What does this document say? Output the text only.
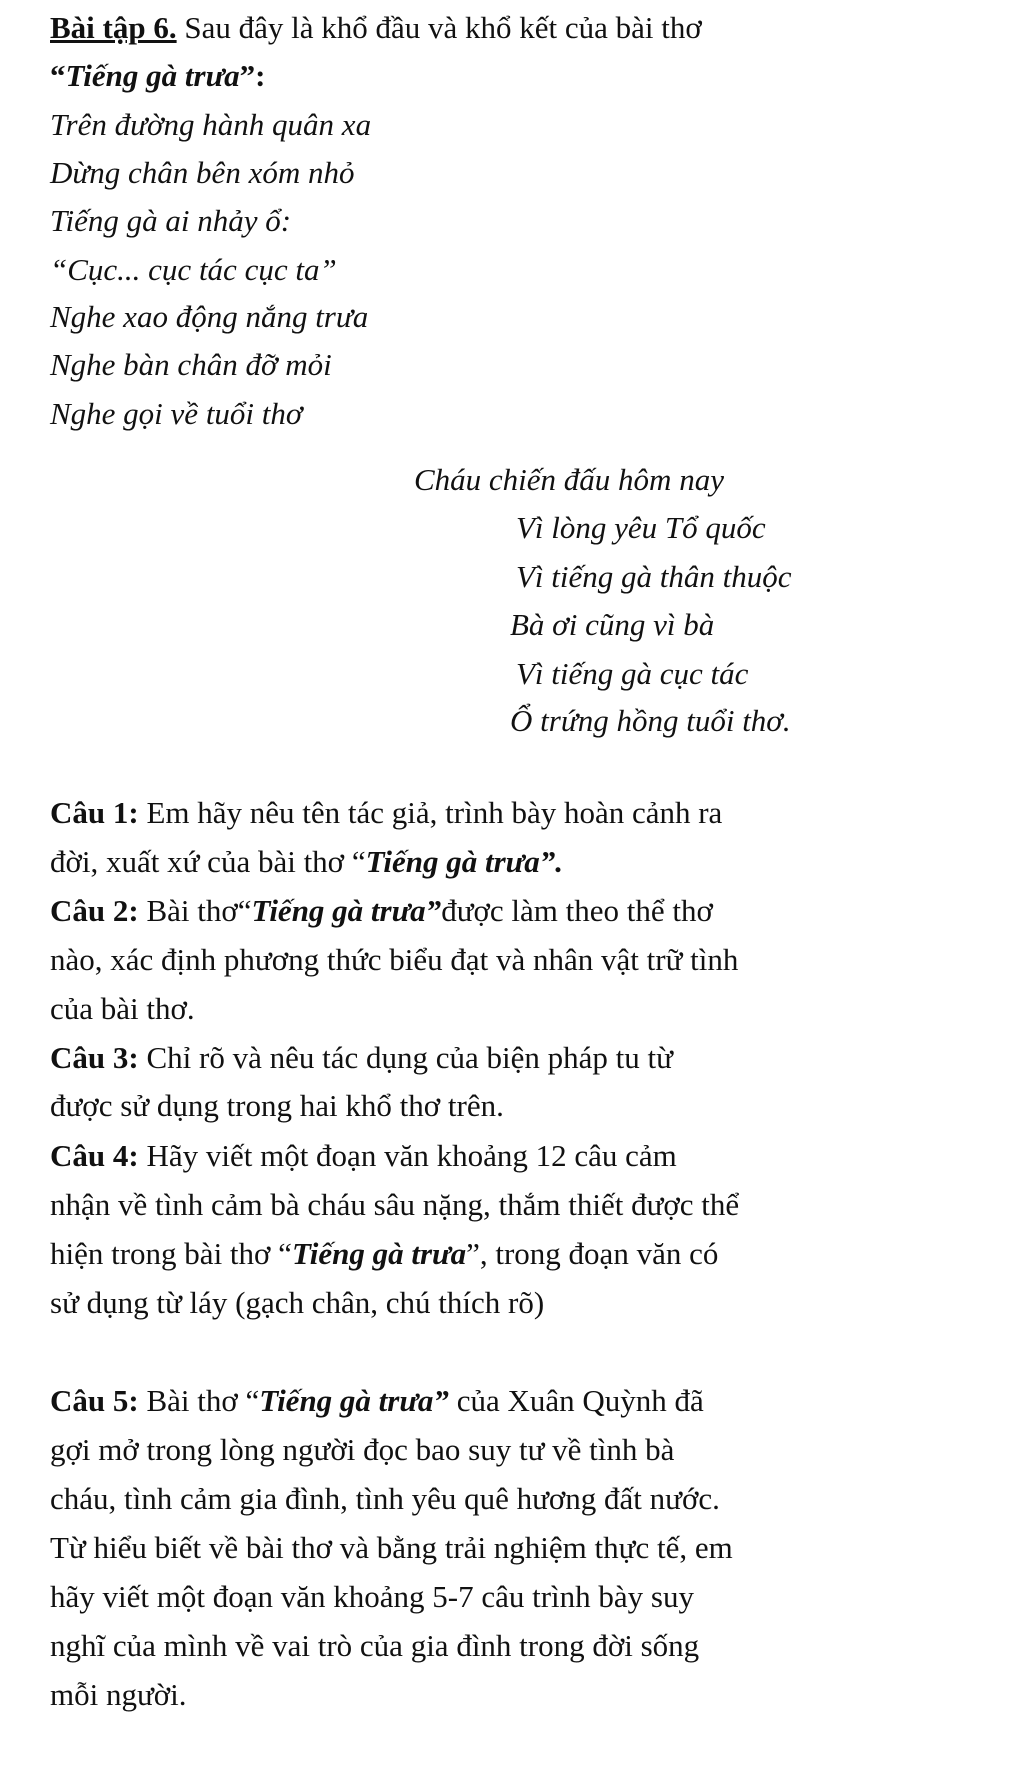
Bài tập 6. Sau đây là khổ đầu và khổ kết của bài thơ
“Tiếng gà trưa”:
Trên đường hành quân xa
Dừng chân bên xóm nhỏ
Tiếng gà ai nhảy ổ:
“Cục... cục tác cục ta”
Nghe xao động nắng trưa
Nghe bàn chân đỡ mỏi
Nghe gọi về tuổi thơ
Cháu chiến đấu hôm nay
Vì lòng yêu Tổ quốc
Vì tiếng gà thân thuộc
Bà ơi cũng vì bà
Vì tiếng gà cục tác
Ổ trứng hồng tuổi thơ.
Câu 1: Em hãy nêu tên tác giả, trình bày hoàn cảnh ra
đời, xuất xứ của bài thơ “Tiếng gà trưa”.
Câu 2: Bài thơ“Tiếng gà trưa”được làm theo thể thơ
nào, xác định phương thức biểu đạt và nhân vật trữ tình
của bài thơ.
Câu 3: Chỉ rõ và nêu tác dụng của biện pháp tu từ
được sử dụng trong hai khổ thơ trên.
Câu 4: Hãy viết một đoạn văn khoảng 12 câu cảm
nhận về tình cảm bà cháu sâu nặng, thắm thiết được thể
hiện trong bài thơ “Tiếng gà trưa”, trong đoạn văn có
sử dụng từ láy (gạch chân, chú thích rõ)
Câu 5: Bài thơ “Tiếng gà trưa” của Xuân Quỳnh đã
gợi mở trong lòng người đọc bao suy tư về tình bà
cháu, tình cảm gia đình, tình yêu quê hương đất nước.
Từ hiểu biết về bài thơ và bằng trải nghiệm thực tế, em
hãy viết một đoạn văn khoảng 5-7 câu trình bày suy
nghĩ của mình về vai trò của gia đình trong đời sống
mỗi người.
